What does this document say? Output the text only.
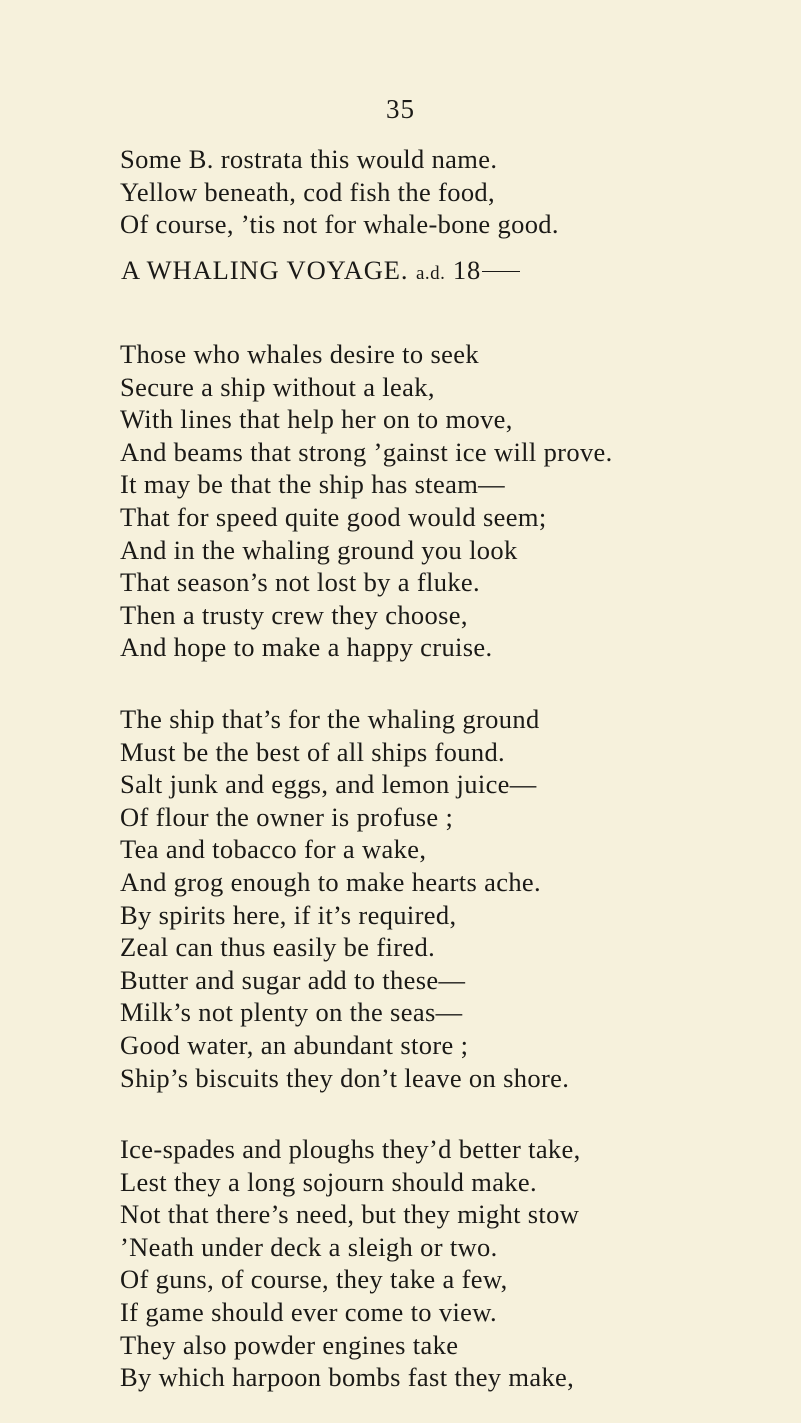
35
Some B. rostrata this would name.
Yellow beneath, cod fish the food,
Of course, ’tis not for whale-bone good.
A WHALING VOYAGE. a.d. 18
Those who whales desire to seek
Secure a ship without a leak,
With lines that help her on to move,
And beams that strong ’gainst ice will prove.
It may be that the ship has steam—
That for speed quite good would seem;
And in the whaling ground you look
That season’s not lost by a fluke.
Then a trusty crew they choose,
And hope to make a happy cruise.
The ship that’s for the whaling ground
Must be the best of all ships found.
Salt junk and eggs, and lemon juice—
Of flour the owner is profuse ;
Tea and tobacco for a wake,
And grog enough to make hearts ache.
By spirits here, if it’s required,
Zeal can thus easily be fired.
Butter and sugar add to these—
Milk’s not plenty on the seas—
Good water, an abundant store ;
Ship’s biscuits they don’t leave on shore.
Ice-spades and ploughs they’d better take,
Lest they a long sojourn should make.
Not that there’s need, but they might stow
’Neath under deck a sleigh or two.
Of guns, of course, they take a few,
If game should ever come to view.
They also powder engines take
By which harpoon bombs fast they make,
